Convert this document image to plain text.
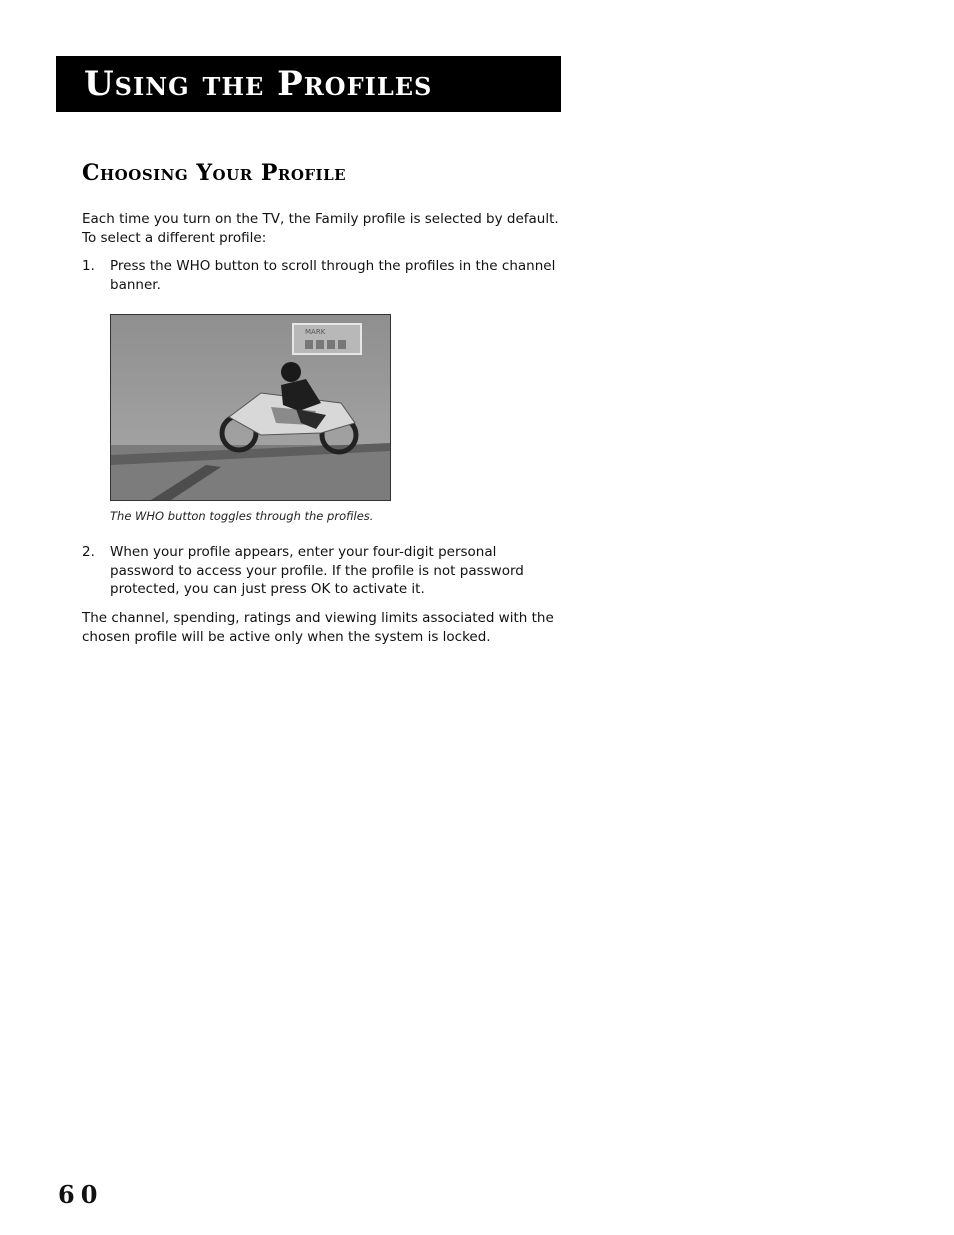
Using the Profiles
Choosing Your Profile

Each time you turn on the TV, the Family profile is selected by default. To select a different profile:

1.	Press the WHO button to scroll through the profiles in the channel banner.
MARK

The WHO button toggles through the profiles.

2.	When your profile appears, enter your four-digit personal password to access your profile. If the profile is not password protected, you can just press OK to activate it.

The channel, spending, ratings and viewing limits associated with the chosen profile will be active only when the system is locked.

60
